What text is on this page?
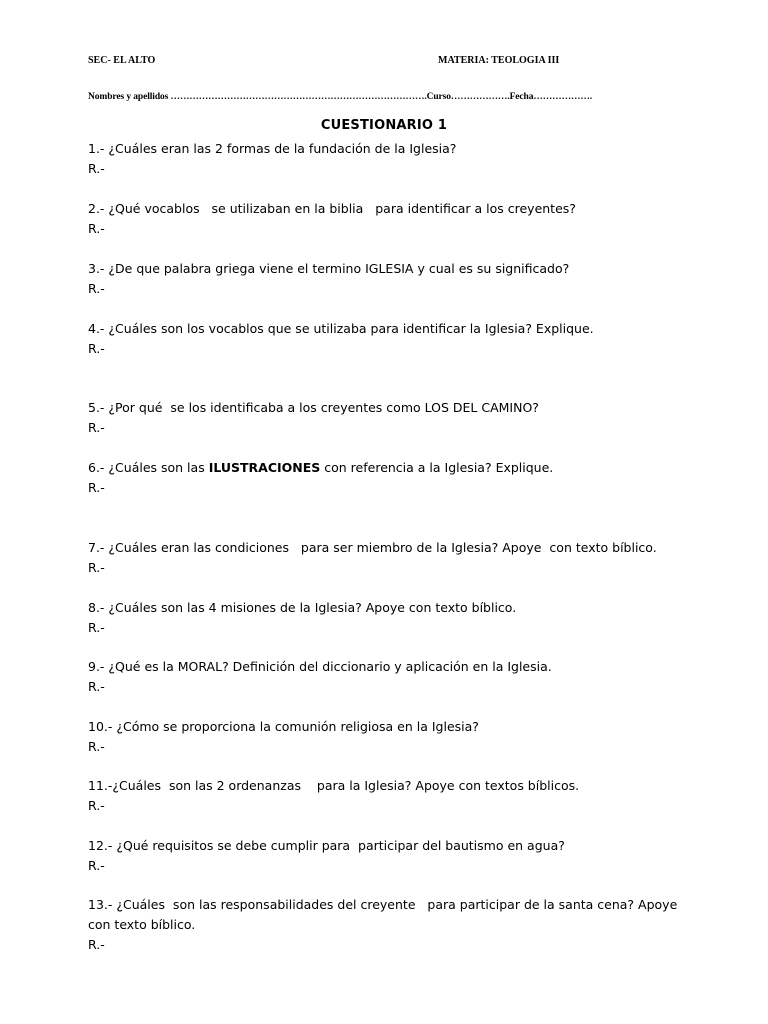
SEC- EL ALTO	MATERIA: TEOLOGIA III
Nombres y apellidos ……………………………………………………………………….Curso……………….Fecha……………….
CUESTIONARIO 1
1.- ¿Cuáles eran las 2 formas de la fundación de la Iglesia?
R.-
2.- ¿Qué vocablos   se utilizaban en la biblia   para identificar a los creyentes?
R.-
3.- ¿De que palabra griega viene el termino IGLESIA y cual es su significado?
R.-
4.- ¿Cuáles son los vocablos que se utilizaba para identificar la Iglesia? Explique.
R.-
5.- ¿Por qué  se los identificaba a los creyentes como LOS DEL CAMINO?
R.-
6.- ¿Cuáles son las ILUSTRACIONES con referencia a la Iglesia? Explique.
R.-
7.- ¿Cuáles eran las condiciones   para ser miembro de la Iglesia? Apoye  con texto bíblico.
R.-
8.- ¿Cuáles son las 4 misiones de la Iglesia? Apoye con texto bíblico.
R.-
9.- ¿Qué es la MORAL? Definición del diccionario y aplicación en la Iglesia.
R.-
10.- ¿Cómo se proporciona la comunión religiosa en la Iglesia?
R.-
11.-¿Cuáles  son las 2 ordenanzas    para la Iglesia? Apoye con textos bíblicos.
R.-
12.- ¿Qué requisitos se debe cumplir para  participar del bautismo en agua?
R.-
13.- ¿Cuáles  son las responsabilidades del creyente   para participar de la santa cena? Apoye
con texto bíblico.
R.-
